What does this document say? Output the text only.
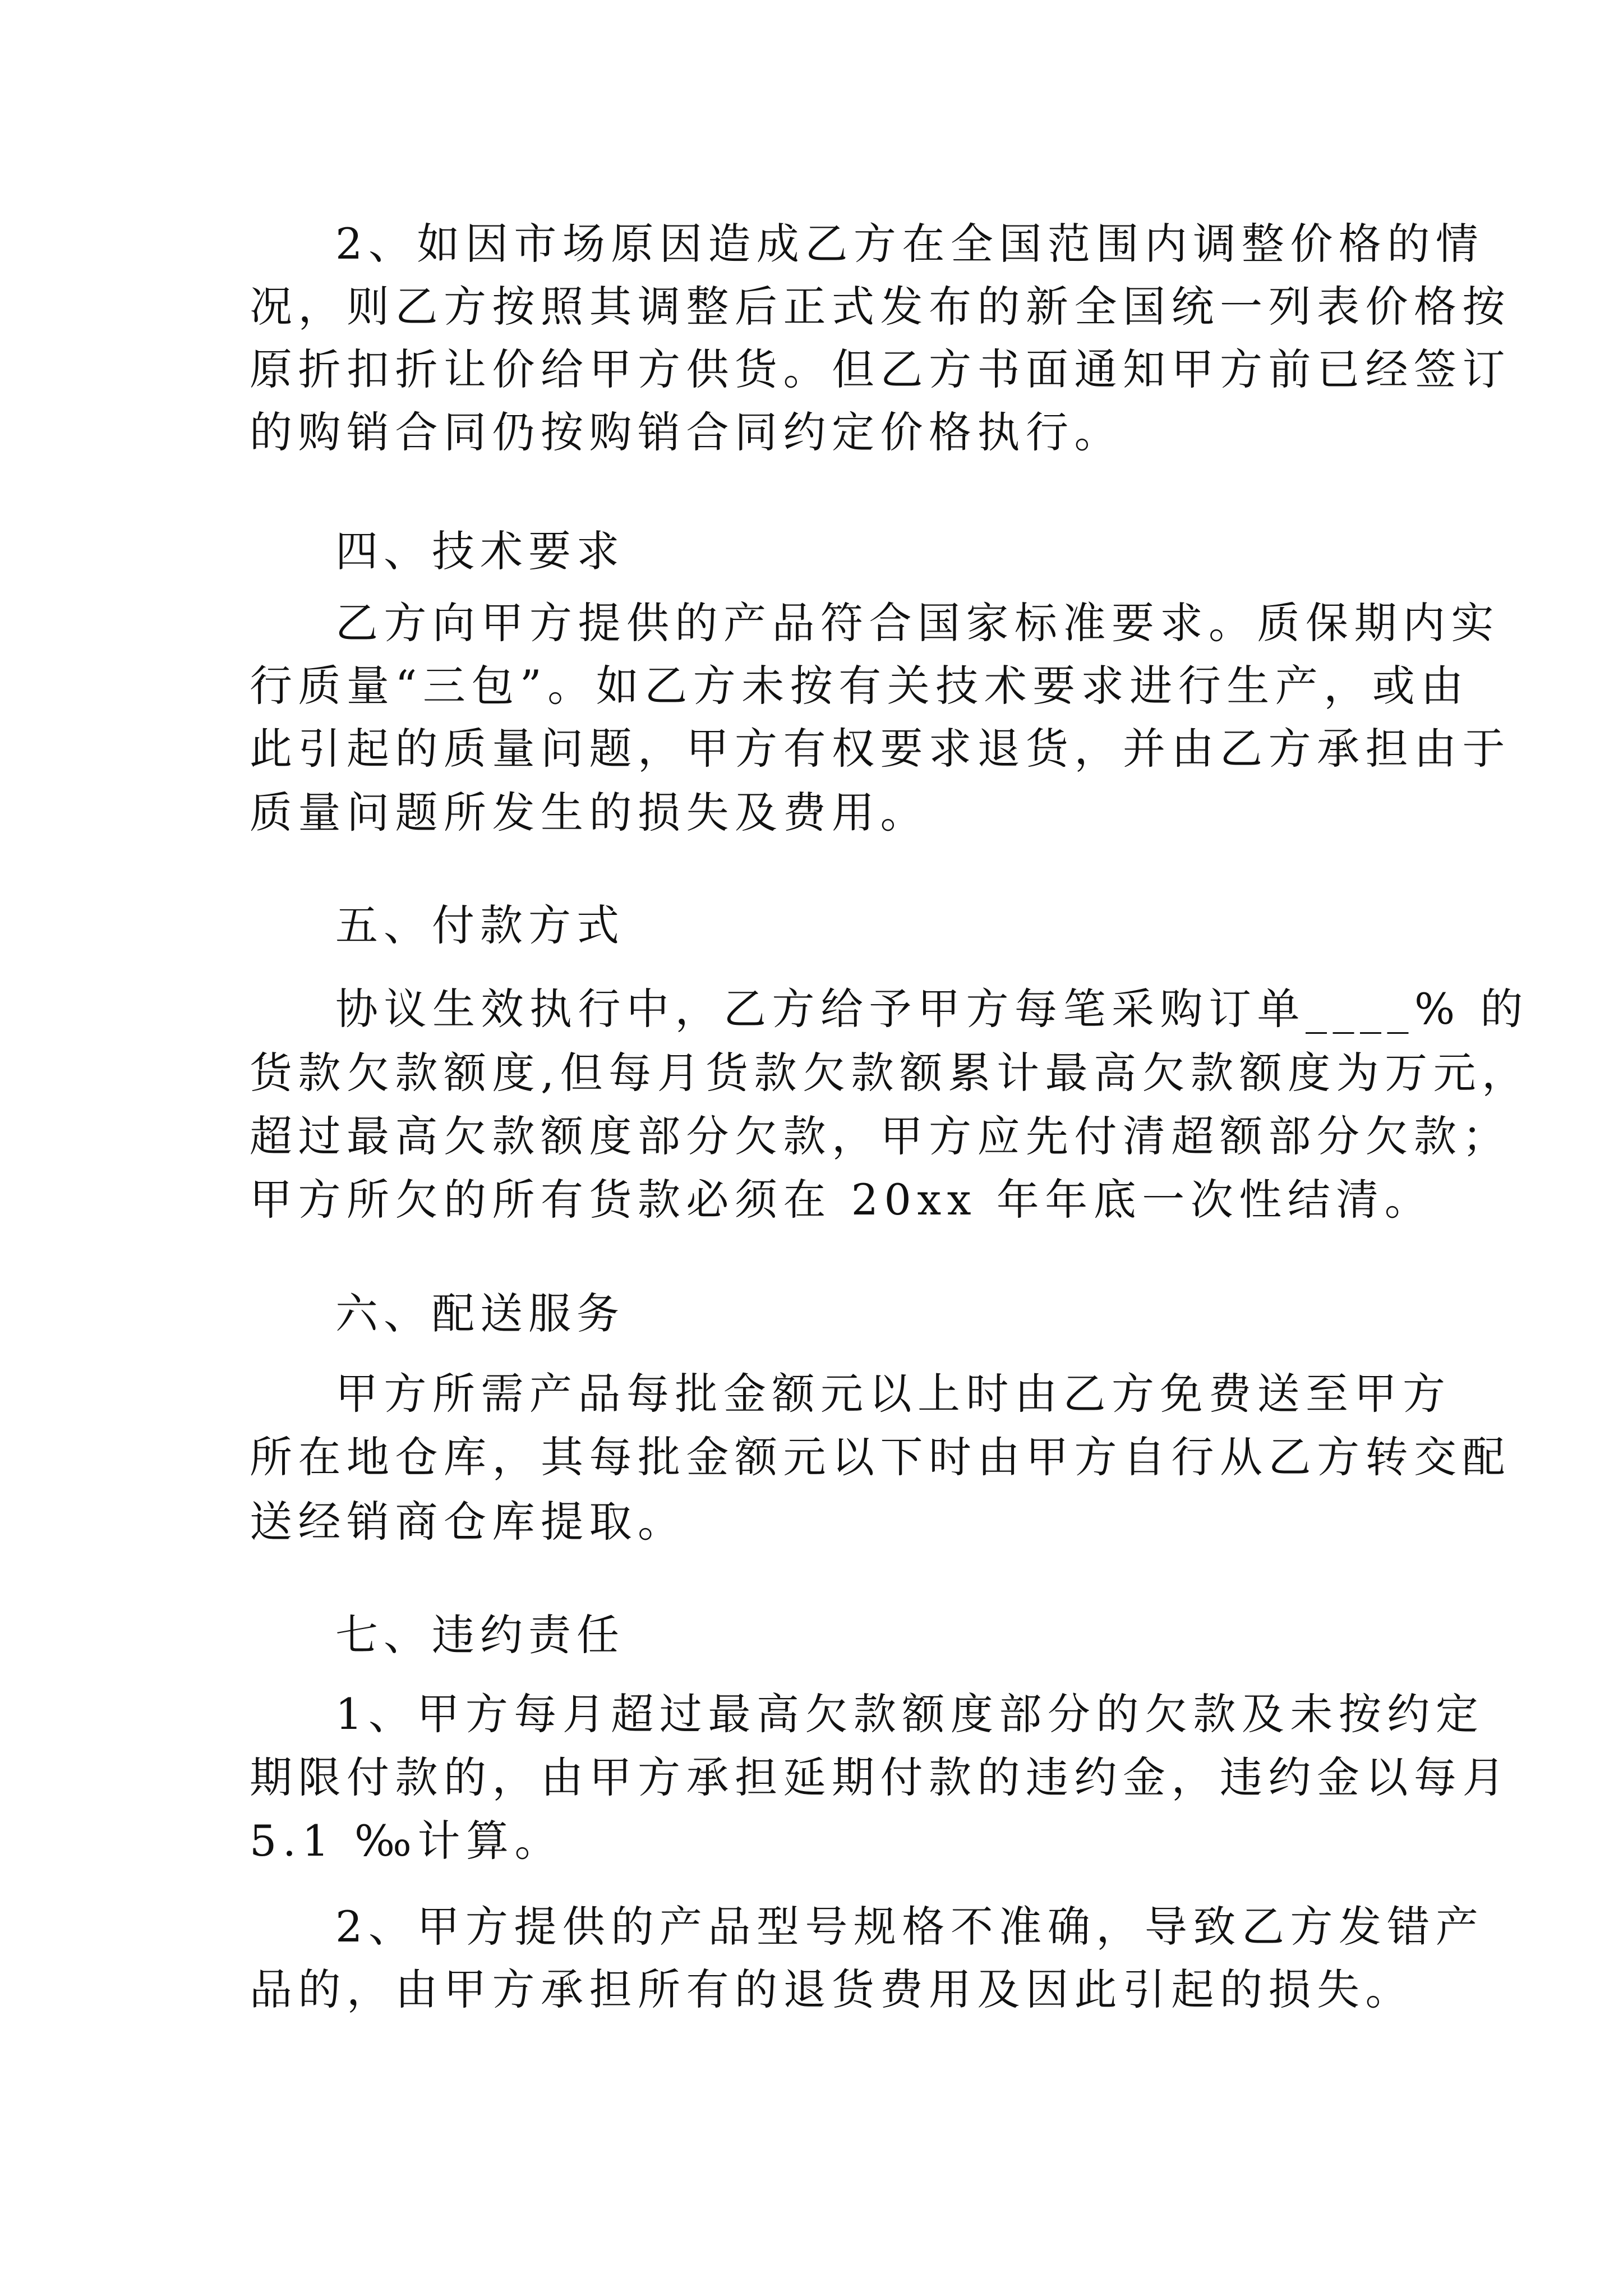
2、如因市场原因造成乙方在全国范围内调整价格的情
况，则乙方按照其调整后正式发布的新全国统一列表价格按
原折扣折让价给甲方供货。但乙方书面通知甲方前已经签订
的购销合同仍按购销合同约定价格执行。
四、技术要求
乙方向甲方提供的产品符合国家标准要求。质保期内实
行质量“三包”。如乙方未按有关技术要求进行生产，或由
此引起的质量问题，甲方有权要求退货，并由乙方承担由于
质量问题所发生的损失及费用。
五、付款方式
协议生效执行中，乙方给予甲方每笔采购订单____% 的
货款欠款额度,但每月货款欠款额累计最高欠款额度为万元，
超过最高欠款额度部分欠款，甲方应先付清超额部分欠款；
甲方所欠的所有货款必须在 20xx 年年底一次性结清。
六、配送服务
甲方所需产品每批金额元以上时由乙方免费送至甲方
所在地仓库，其每批金额元以下时由甲方自行从乙方转交配
送经销商仓库提取。
七、违约责任
1、甲方每月超过最高欠款额度部分的欠款及未按约定
期限付款的，由甲方承担延期付款的违约金，违约金以每月
5.1 ‰计算。
2、甲方提供的产品型号规格不准确，导致乙方发错产
品的，由甲方承担所有的退货费用及因此引起的损失。
